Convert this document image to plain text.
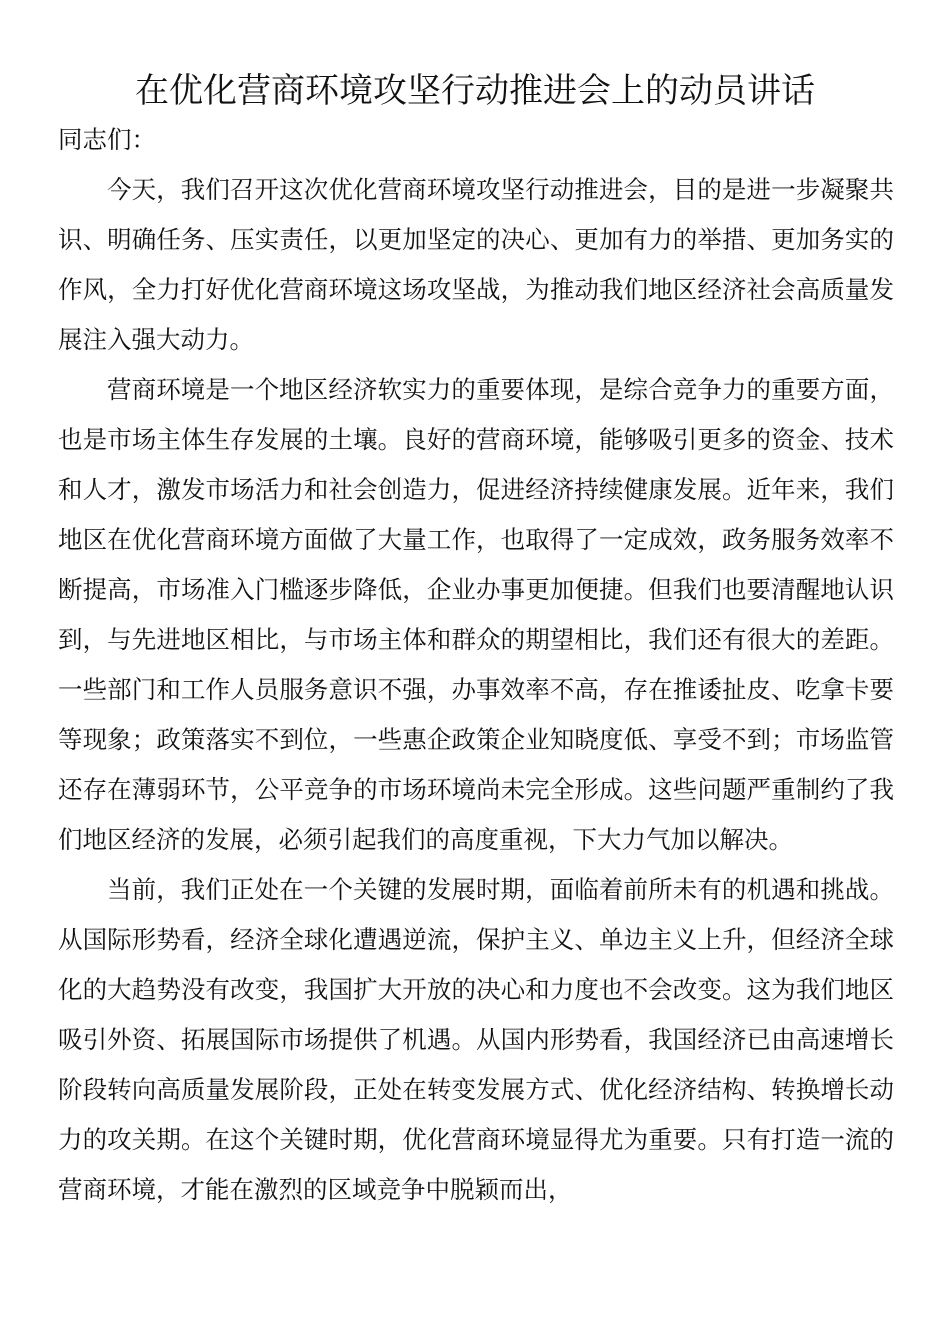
在优化营商环境攻坚行动推进会上的动员讲话

同志们：

今天，我们召开这次优化营商环境攻坚行动推进会，目的是进一步凝聚共识、明确任务、压实责任，以更加坚定的决心、更加有力的举措、更加务实的作风，全力打好优化营商环境这场攻坚战，为推动我们地区经济社会高质量发展注入强大动力。

营商环境是一个地区经济软实力的重要体现，是综合竞争力的重要方面，也是市场主体生存发展的土壤。良好的营商环境，能够吸引更多的资金、技术和人才，激发市场活力和社会创造力，促进经济持续健康发展。近年来，我们地区在优化营商环境方面做了大量工作，也取得了一定成效，政务服务效率不断提高，市场准入门槛逐步降低，企业办事更加便捷。但我们也要清醒地认识到，与先进地区相比，与市场主体和群众的期望相比，我们还有很大的差距。一些部门和工作人员服务意识不强，办事效率不高，存在推诿扯皮、吃拿卡要等现象；政策落实不到位，一些惠企政策企业知晓度低、享受不到；市场监管还存在薄弱环节，公平竞争的市场环境尚未完全形成。这些问题严重制约了我们地区经济的发展，必须引起我们的高度重视，下大力气加以解决。

当前，我们正处在一个关键的发展时期，面临着前所未有的机遇和挑战。从国际形势看，经济全球化遭遇逆流，保护主义、单边主义上升，但经济全球化的大趋势没有改变，我国扩大开放的决心和力度也不会改变。这为我们地区吸引外资、拓展国际市场提供了机遇。从国内形势看，我国经济已由高速增长阶段转向高质量发展阶段，正处在转变发展方式、优化经济结构、转换增长动力的攻关期。在这个关键时期，优化营商环境显得尤为重要。只有打造一流的营商环境，才能在激烈的区域竞争中脱颖而出，
